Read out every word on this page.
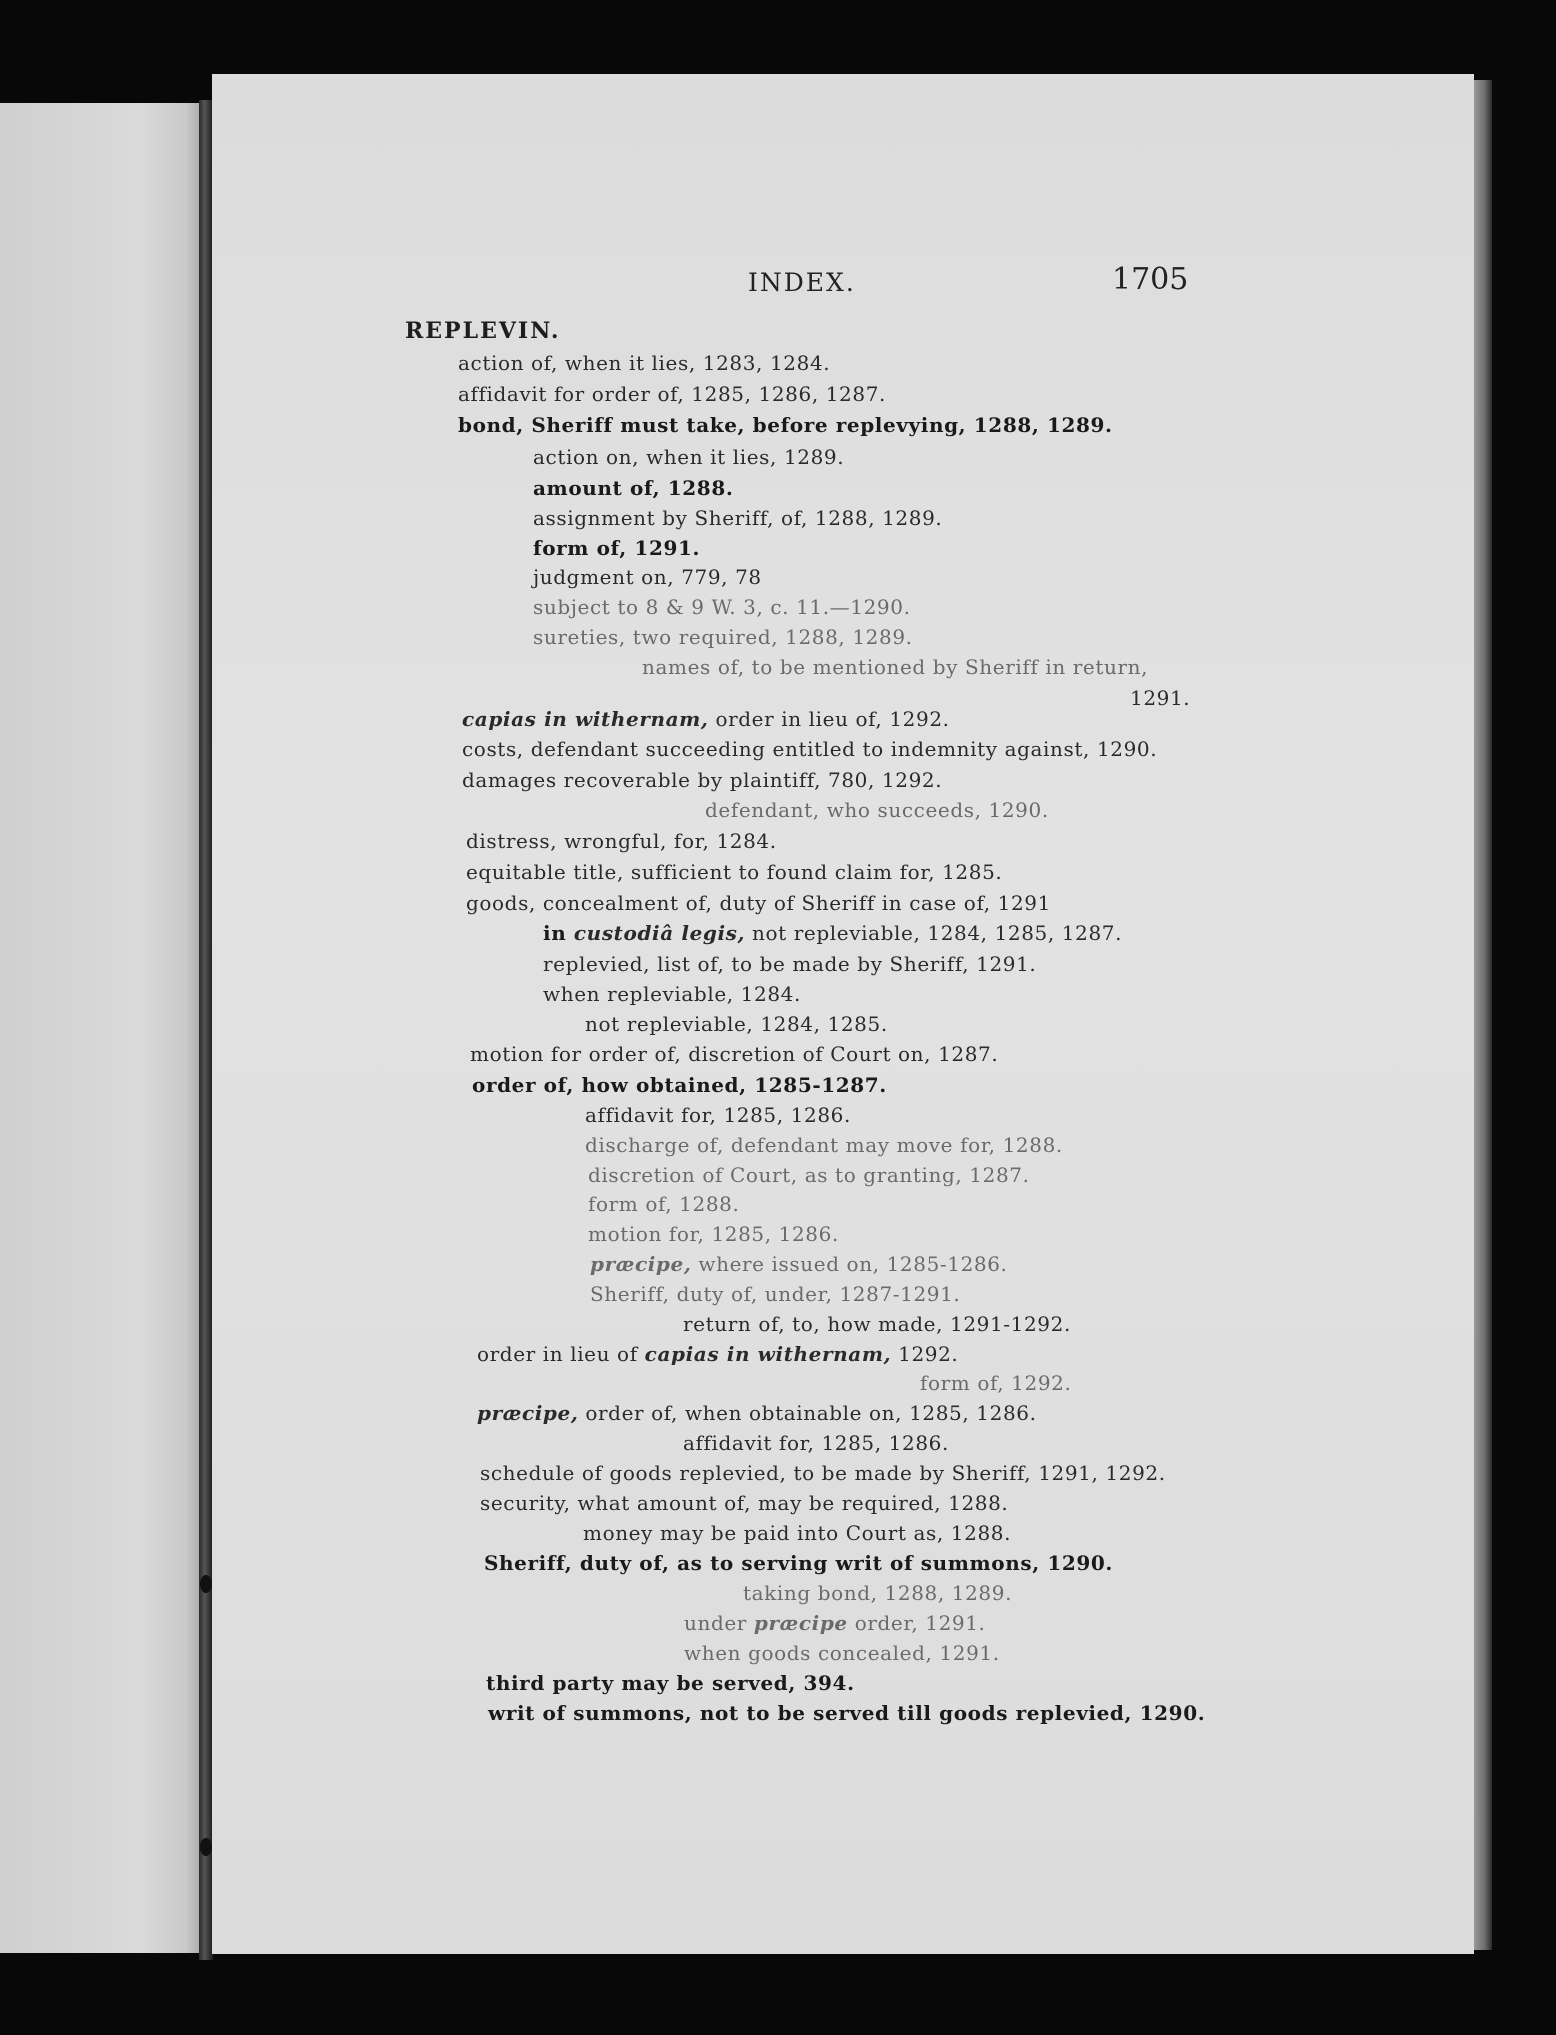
INDEX.	1705
REPLEVIN.
action of, when it lies, 1283, 1284.
affidavit for order of, 1285, 1286, 1287.
bond, Sheriff must take, before replevying, 1288, 1289.
action on, when it lies, 1289.
amount of, 1288.
assignment by Sheriff, of, 1288, 1289.
form of, 1291.
judgment on, 779, 78
subject to 8 & 9 W. 3, c. 11.—1290.
sureties, two required, 1288, 1289.
names of, to be mentioned by Sheriff in return,
1291.
capias in withernam, order in lieu of, 1292.
costs, defendant succeeding entitled to indemnity against, 1290.
damages recoverable by plaintiff, 780, 1292.
defendant, who succeeds, 1290.
distress, wrongful, for, 1284.
equitable title, sufficient to found claim for, 1285.
goods, concealment of, duty of Sheriff in case of, 1291
in custodiâ legis, not repleviable, 1284, 1285, 1287.
replevied, list of, to be made by Sheriff, 1291.
when repleviable, 1284.
not repleviable, 1284, 1285.
motion for order of, discretion of Court on, 1287.
order of, how obtained, 1285-1287.
affidavit for, 1285, 1286.
discharge of, defendant may move for, 1288.
discretion of Court, as to granting, 1287.
form of, 1288.
motion for, 1285, 1286.
præcipe, where issued on, 1285-1286.
Sheriff, duty of, under, 1287-1291.
return of, to, how made, 1291-1292.
order in lieu of capias in withernam, 1292.
form of, 1292.
præcipe, order of, when obtainable on, 1285, 1286.
affidavit for, 1285, 1286.
schedule of goods replevied, to be made by Sheriff, 1291, 1292.
security, what amount of, may be required, 1288.
money may be paid into Court as, 1288.
Sheriff, duty of, as to serving writ of summons, 1290.
taking bond, 1288, 1289.
under præcipe order, 1291.
when goods concealed, 1291.
third party may be served, 394.
writ of summons, not to be served till goods replevied, 1290.
